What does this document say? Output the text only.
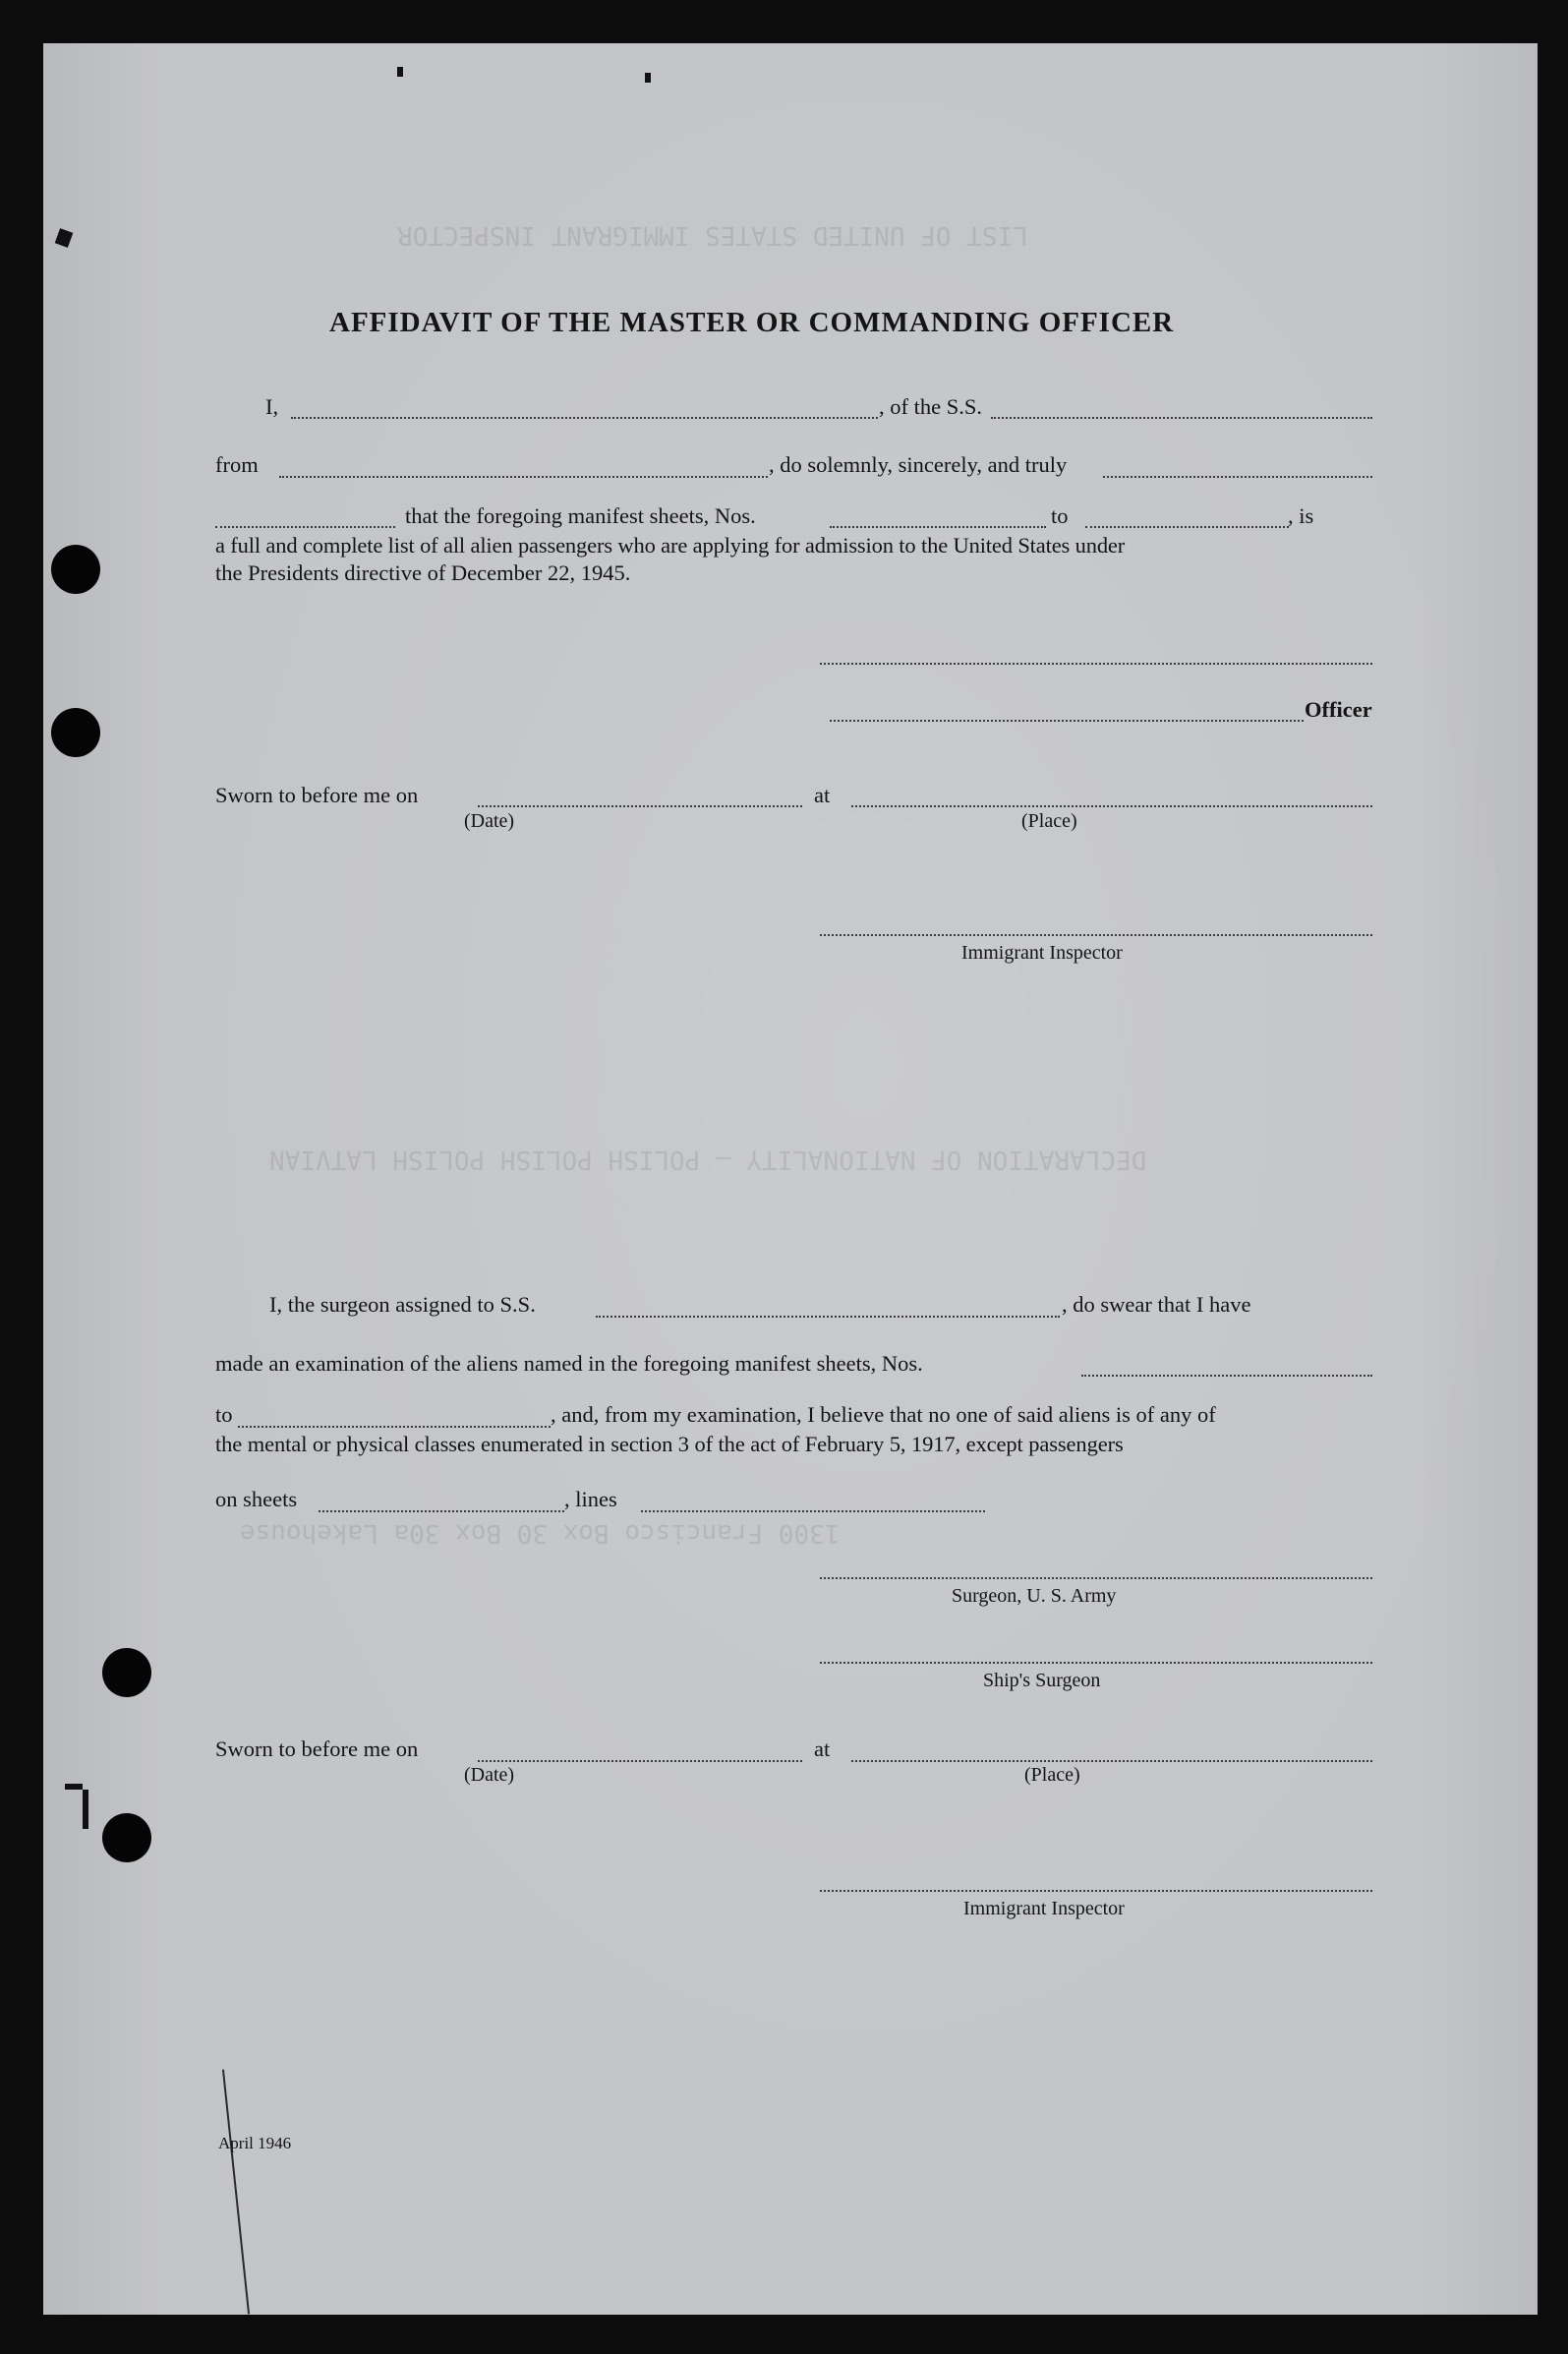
DECLARATION OF NATIONALITY — POLISH POLISH POLISH LATVIAN
LIST OF UNITED STATES IMMIGRANT INSPECTOR
1300 Francisco Box 30 Box 30a Lakehouse
AFFIDAVIT OF THE MASTER OR COMMANDING OFFICER
I,	, of the S.S.
from	, do solemnly, sincerely, and truly
that the foregoing manifest sheets, Nos.	to	, is
a full and complete list of all alien passengers who are applying for admission to the United States under
the Presidents directive of December 22, 1945.
Officer
Sworn to before me on	at
(Date)	(Place)
Immigrant Inspector
I, the surgeon assigned to S.S.	, do swear that I have
made an examination of the aliens named in the foregoing manifest sheets, Nos.
to	, and, from my examination, I believe that no one of said aliens is of any of
the mental or physical classes enumerated in section 3 of the act of February 5, 1917, except passengers
on sheets	, lines
Surgeon, U. S. Army
Ship's Surgeon
Sworn to before me on	at
(Date)	(Place)
Immigrant Inspector
April 1946
